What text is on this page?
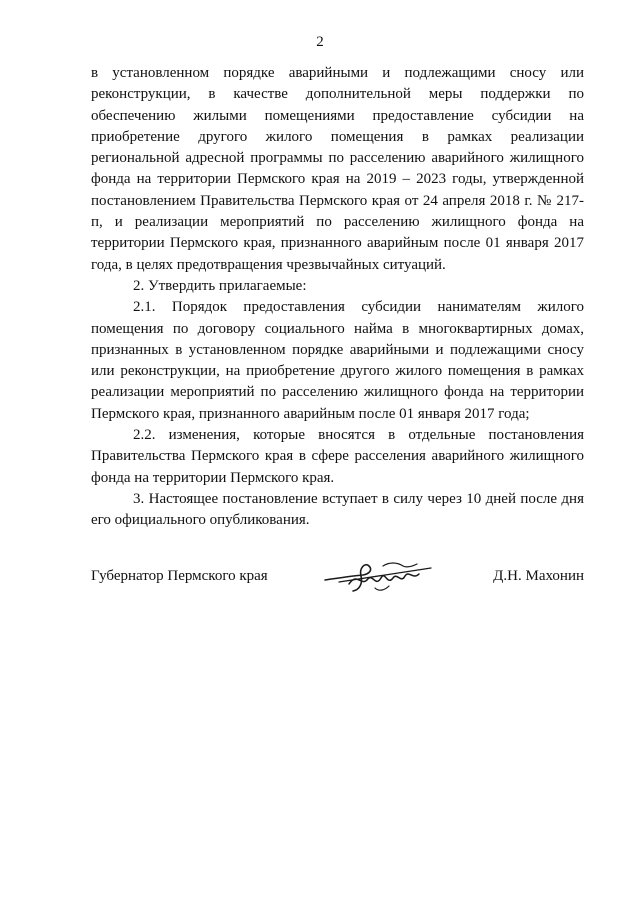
2

в установленном порядке аварийными и подлежащими сносу или реконструкции, в качестве дополнительной меры поддержки по обеспечению жилыми помещениями предоставление субсидии на приобретение другого жилого помещения в рамках реализации региональной адресной программы по расселению аварийного жилищного фонда на территории Пермского края на 2019 – 2023 годы, утвержденной постановлением Правительства Пермского края от 24 апреля 2018 г. № 217-п, и реализации мероприятий по расселению жилищного фонда на территории Пермского края, признанного аварийным после 01 января 2017 года, в целях предотвращения чрезвычайных ситуаций.

2. Утвердить прилагаемые:

2.1. Порядок предоставления субсидии нанимателям жилого помещения по договору социального найма в многоквартирных домах, признанных в установленном порядке аварийными и подлежащими сносу или реконструкции, на приобретение другого жилого помещения в рамках реализации мероприятий по расселению жилищного фонда на территории Пермского края, признанного аварийным после 01 января 2017 года;

2.2. изменения, которые вносятся в отдельные постановления Правительства Пермского края в сфере расселения аварийного жилищного фонда на территории Пермского края.

3. Настоящее постановление вступает в силу через 10 дней после дня его официального опубликования.

Губернатор Пермского края	Д.Н. Махонин
